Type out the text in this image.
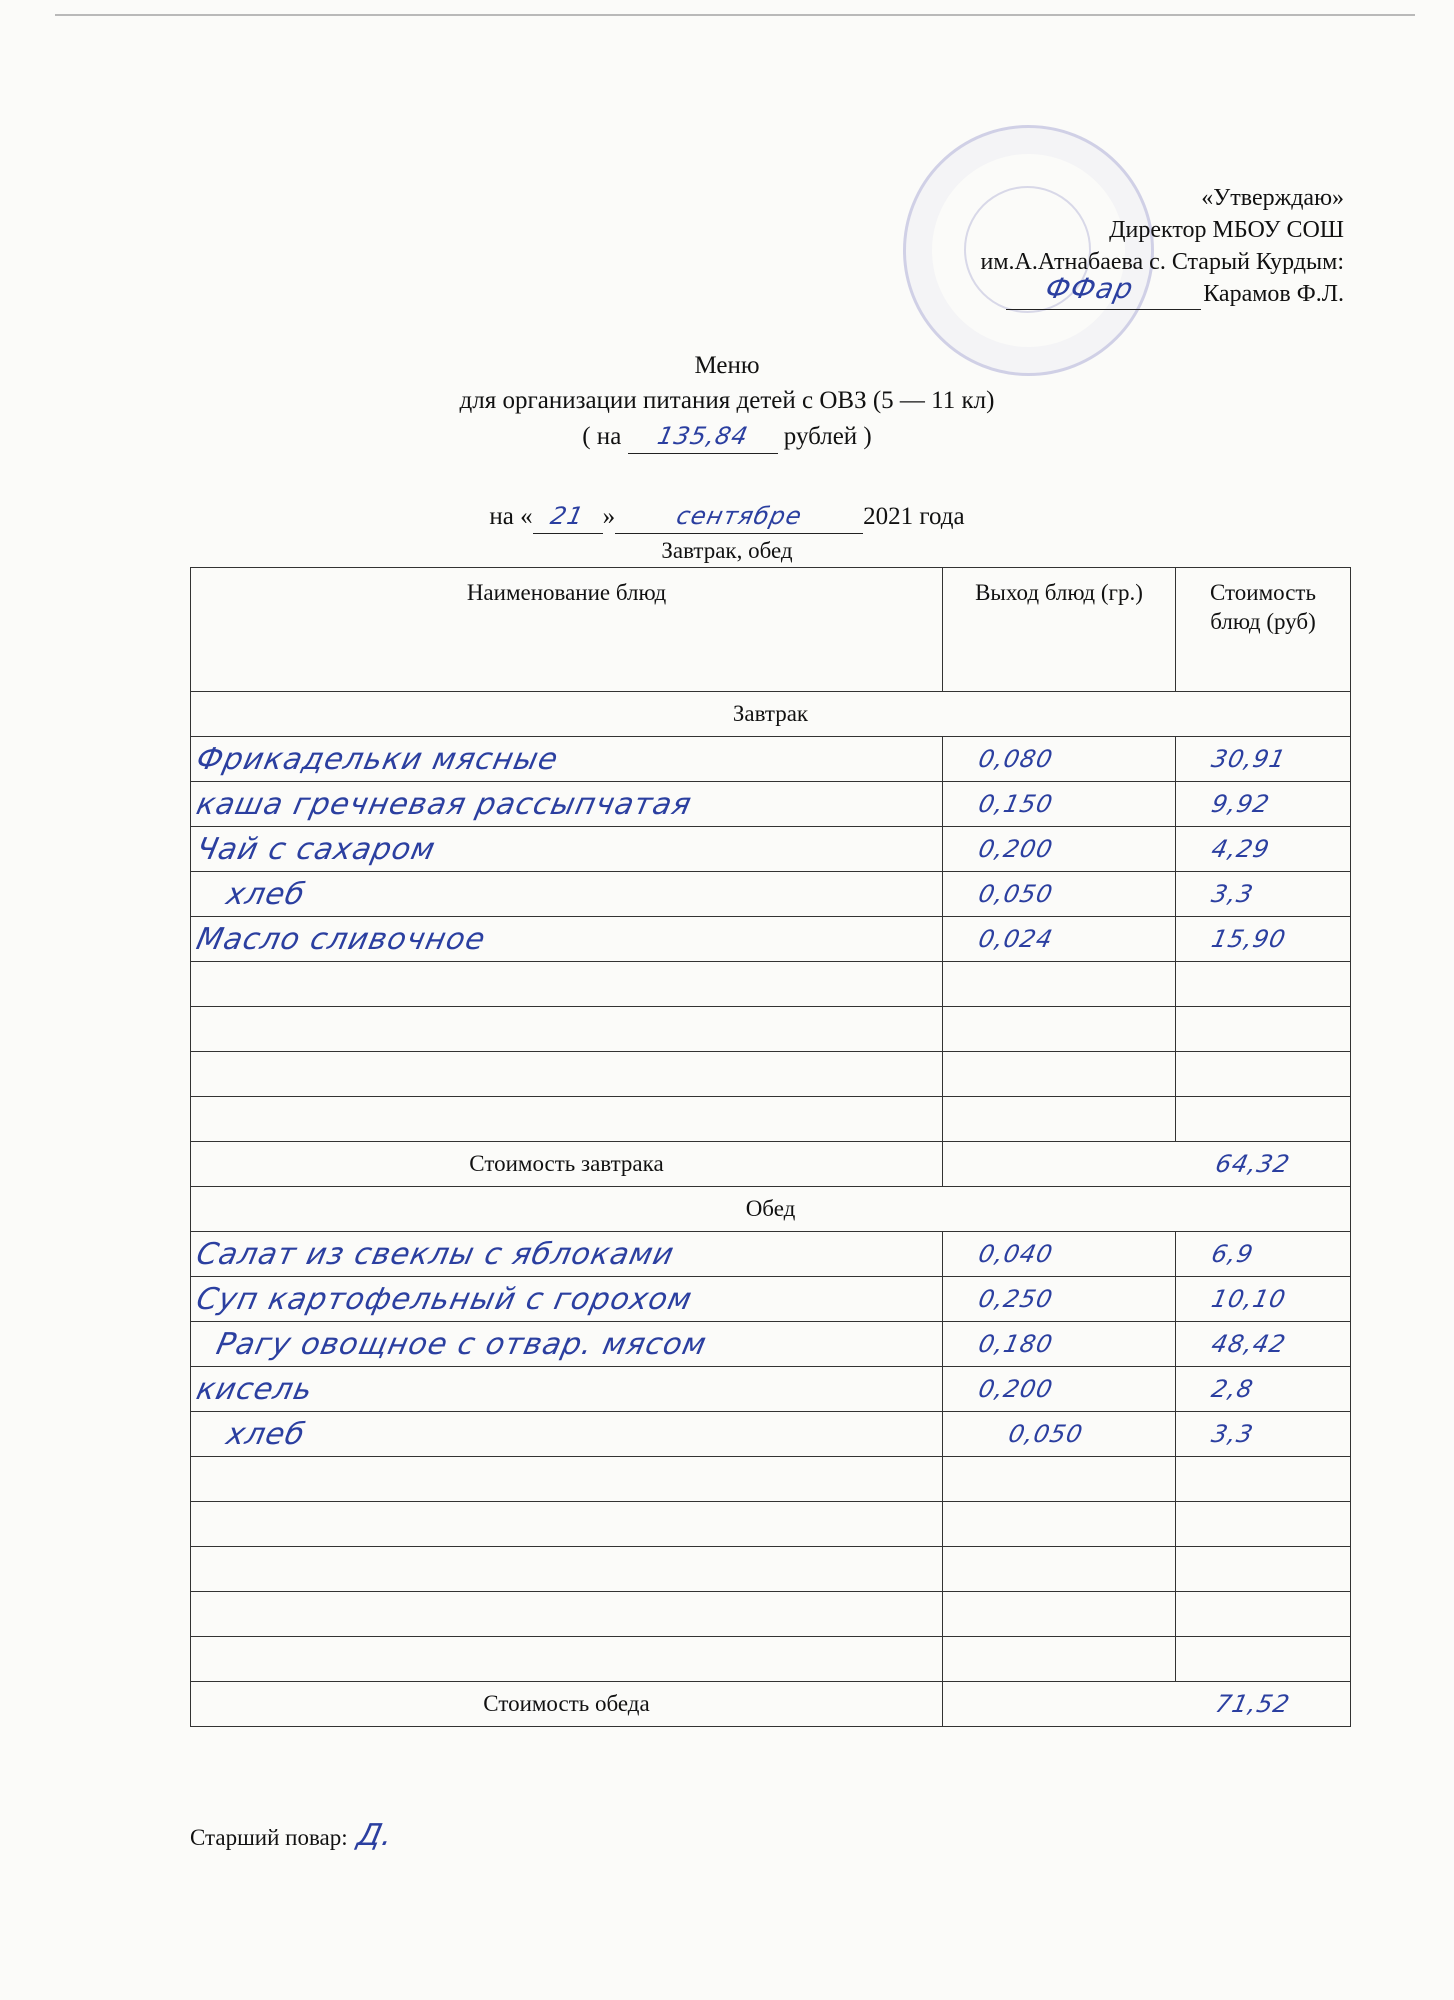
«Утверждаю»
Директор МБОУ СОШ
им.А.Атнабаева с. Старый Курдым:
ФФар	Карамов Ф.Л.
Меню
для организации питания детей с ОВЗ (5 — 11 кл)
( на 135,84 рублей )
на « 21 » сентябре 2021 года
Завтрак, обед
Наименование блюд	Выход блюд (гр.)	Стоимость блюд (руб)
Завтрак		
Фрикадельки мясные	0,080	30,91
каша гречневая рассыпчатая	0,150	9,92
Чай с сахаром	0,200	4,29
хлеб	0,050	3,3
Масло сливочное	0,024	15,90

Стоимость завтрака	64,32	
Обед		
Салат из свеклы с яблоками	0,040	6,9
Суп картофельный с горохом	0,250	10,10
Рагу овощное с отвар. мясом	0,180	48,42
кисель	0,200	2,8
хлеб	0,050	3,3

Стоимость обеда	71,52	
Старший повар: Д.
